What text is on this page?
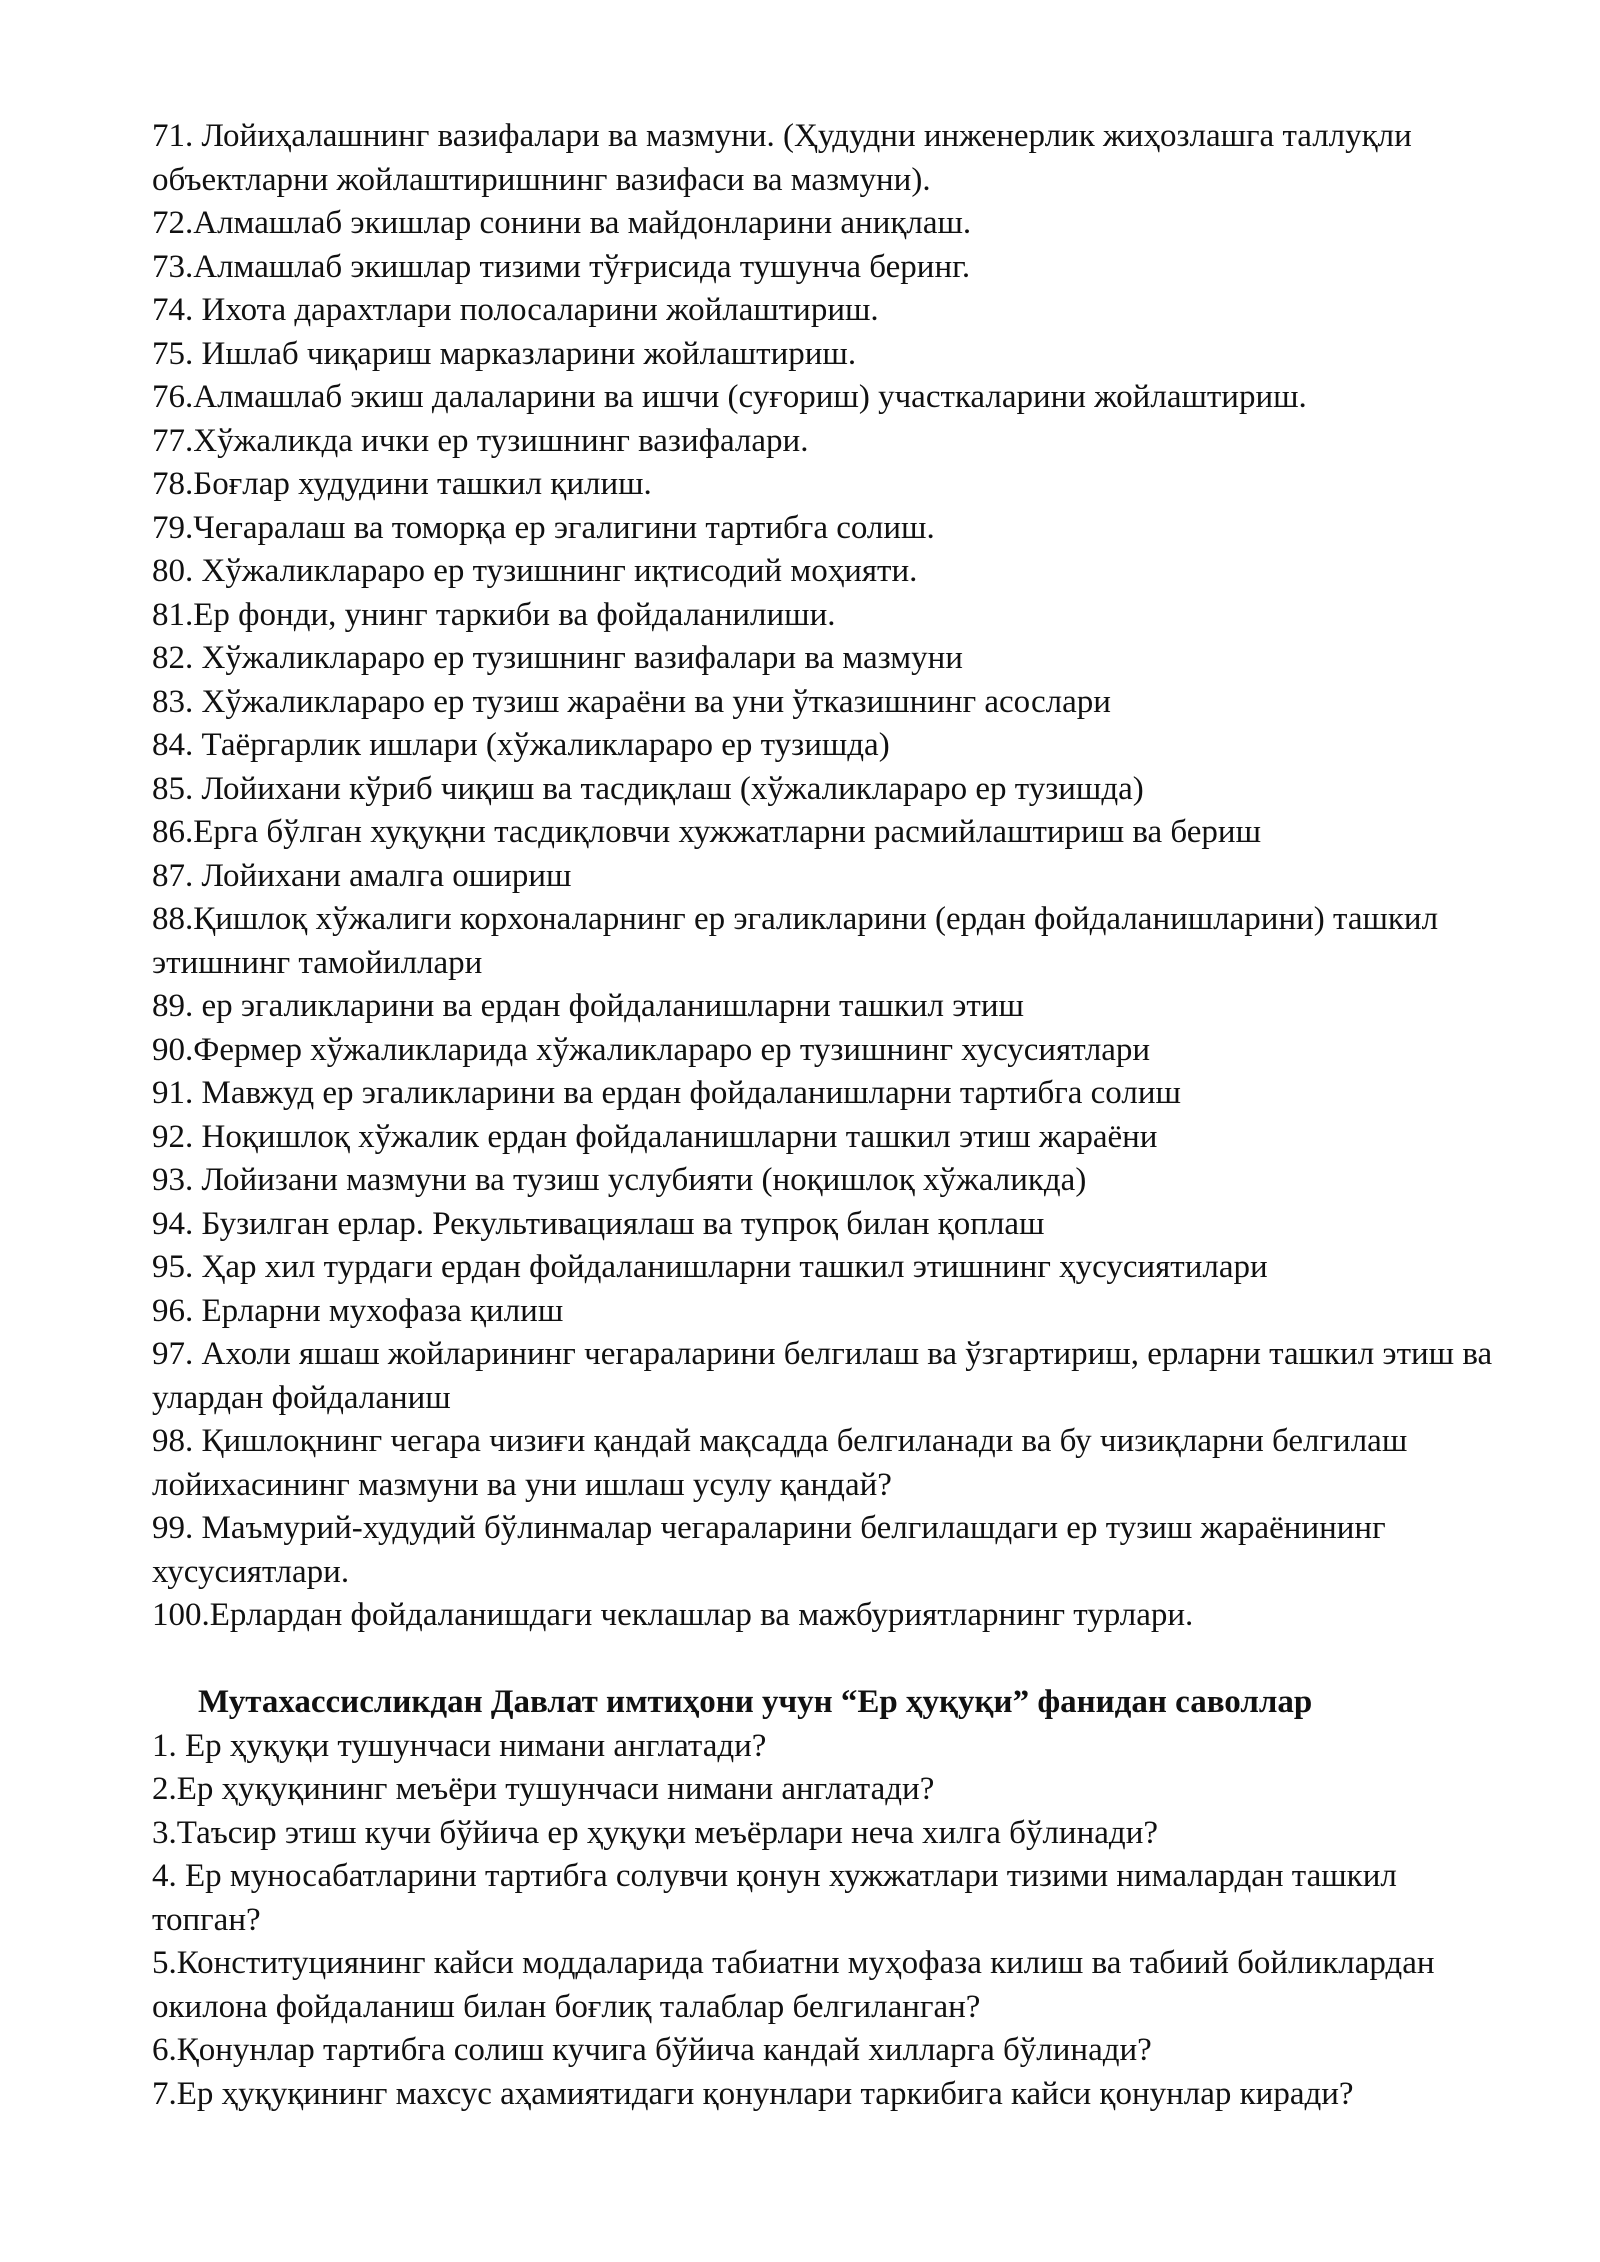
71. Лойиҳалашнинг вазифалари ва мазмуни. (Ҳудудни инженерлик жиҳозлашга таллуқли объектларни жойлаштиришнинг вазифаси ва мазмуни).

72.Алмашлаб экишлар сонини ва майдонларини аниқлаш.

73.Алмашлаб экишлар тизими тўғрисида тушунча беринг.

74. Ихота дарахтлари полосаларини жойлаштириш.

75. Ишлаб чиқариш марказларини жойлаштириш.

76.Алмашлаб экиш далаларини ва ишчи (суғориш) участкаларини жойлаштириш.

77.Хўжаликда ички ер тузишнинг вазифалари.

78.Боғлар худудини ташкил қилиш.

79.Чегаралаш ва томорқа ер эгалигини тартибга солиш.

80. Хўжаликлараро ер тузишнинг иқтисодий моҳияти.

81.Ер фонди, унинг таркиби ва фойдаланилиши.

82. Хўжаликлараро ер тузишнинг вазифалари ва мазмуни

83. Хўжаликлараро ер тузиш жараёни ва уни ўтказишнинг асослари

84. Таёргарлик ишлари (хўжаликлараро ер тузишда)

85. Лойихани кўриб чиқиш ва тасдиқлаш (хўжаликлараро ер тузишда)

86.Ерга бўлган хуқуқни тасдиқловчи хужжатларни расмийлаштириш ва бериш

87. Лойихани амалга ошириш

88.Қишлоқ хўжалиги корхоналарнинг ер эгаликларини (ердан фойдаланишларини) ташкил этишнинг тамойиллари

89. ер эгаликларини ва ердан фойдаланишларни ташкил этиш

90.Фермер хўжаликларида хўжаликлараро ер тузишнинг хусусиятлари

91. Мавжуд ер эгаликларини ва ердан фойдаланишларни тартибга солиш

92. Ноқишлоқ хўжалик ердан фойдаланишларни ташкил этиш жараёни

93. Лойизани мазмуни ва тузиш услубияти (ноқишлоқ хўжаликда)

94. Бузилган ерлар. Рекультивациялаш ва тупроқ билан қоплаш

95. Ҳар хил турдаги ердан фойдаланишларни ташкил этишнинг ҳусусиятилари

96. Ерларни мухофаза қилиш

97. Ахоли яшаш жойларининг чегараларини белгилаш ва ўзгартириш, ерларни ташкил этиш ва улардан фойдаланиш

98. Қишлоқнинг чегара чизиғи қандай мақсадда белгиланади ва бу чизиқларни белгилаш лойихасининг мазмуни ва уни ишлаш усулу қандай?

99. Маъмурий-худудий бўлинмалар чегараларини белгилашдаги ер тузиш жараёнининг хусусиятлари.

100.Ерлардан фойдаланишдаги чеклашлар ва мажбуриятларнинг турлари.

Мутахассисликдан Давлат имтиҳони учун “Ер ҳуқуқи” фанидан саволлар

1. Ер ҳуқуқи тушунчаси нимани англатади?

2.Ер ҳуқуқининг меъёри тушунчаси нимани англатади?

3.Таъсир этиш кучи бўйича ер ҳуқуқи меъёрлари неча хилга бўлинади?

4. Ер муносабатларини тартибга солувчи қонун хужжатлари тизими нималардан ташкил топган?

5.Конституциянинг кайси моддаларида табиатни муҳофаза килиш ва табиий бойликлардан окилона фойдаланиш билан боғлиқ талаблар белгиланган?

6.Қонунлар тартибга солиш кучига бўйича кандай хилларга бўлинади?

7.Ер ҳуқуқининг махсус аҳамиятидаги қонунлари таркибига кайси қонунлар киради?
